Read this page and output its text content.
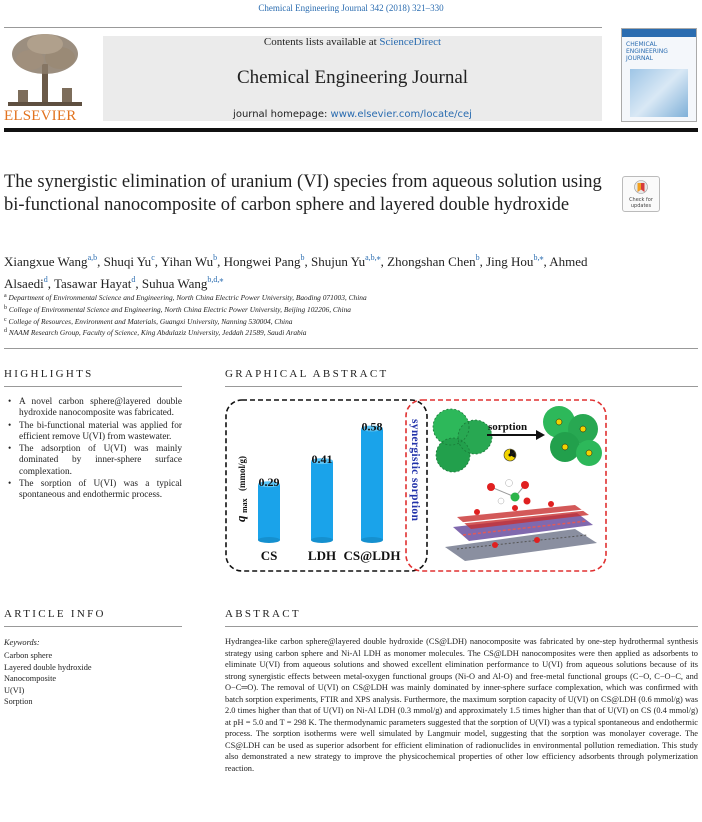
Chemical Engineering Journal 342 (2018) 321–330
ELSEVIER
Contents lists available at ScienceDirect
Chemical Engineering Journal
journal homepage: www.elsevier.com/locate/cej
CHEMICAL ENGINEERING JOURNAL
The synergistic elimination of uranium (VI) species from aqueous solution using bi-functional nanocomposite of carbon sphere and layered double hydroxide	Check for updates
Xiangxue Wang$^{a,b}$, Shuqi Yu$^c$, Yihan Wu$^b$, Hongwei Pang$^b$, Shujun $Yu^{a,b,⁎}$, Zhongshan Chen$^b$, Jing Hou$^{b,⁎}$, Ahmed Alsaedi$^d$, Tasawar Hayat$^d$, Suhua Wang$^{b,d,⁎}$
$^a$ Department of Environmental Science and Engineering, North China Electric Power University, Baoding 071003, China
$^b$ College of Environmental Science and Engineering, North China Electric Power University, Beijing 102206, China
$^c$ College of Resources, Environment and Materials, Guangxi University, Nanning 530004, China
$^d$ NAAM Research Group, Faculty of Science, King Abdulaziz University, Jeddah 21589, Saudi Arabia
HIGHLIGHTS
• A novel carbon sphere@layered double hydroxide nanocomposite was fabricated.
• The bi-functional material was applied for efficient remove U(VI) from wastewater.
• The adsorption of U(VI) was mainly dominated by inner-sphere surface complexation.
• The sorption of U(VI) was a typical spontaneous and endothermic process.
GRAPHICAL ABSTRACT
q
max
(mmol/g) 0.29
CS
0.41
LDH
0.58
CS@LDH
synergistic sorption	sorption
ARTICLE INFO
Keywords:
Carbon sphere
Layered double hydroxide
Nanocomposite
U(VI)
Sorption
ABSTRACT
Hydrangea-like carbon sphere@layered double hydroxide (CS@LDH) nanocomposite was fabricated by one-step hydrothermal synthesis strategy using carbon sphere and Ni-Al LDH as monomer molecules. The CS@LDH nanocomposites were then applied as adsorbents to eliminate U(VI) from aqueous solutions and showed excellent elimination performance to U(VI) from aqueous solutions because of its strong synergistic effects between metal-oxygen functional groups (Ni-O and Al-O) and free-metal functional groups (C−O, C−O−C, and O−C═O). The removal of U(VI) on CS@LDH was mainly dominated by inner-sphere surface complexation, which was confirmed with batch sorption experiments, FTIR and XPS analysis. Furthermore, the maximum sorption capacity of U(VI) on CS@LDH (0.6 mmol/g) was 2.0 times higher than that of U(VI) on Ni-Al LDH (0.3 mmol/g) and approximately 1.5 times higher than that of U(VI) on CS (0.4 mmol/g) at pH = 5.0 and T = 298 K. The thermodynamic parameters suggested that the sorption of U(VI) was a typical spontaneous and endothermic process. The sorption isotherms were well simulated by Langmuir model, suggesting that the sorption was monolayer coverage. The CS@LDH can be used as superior adsorbent for efficient elimination of radionuclides in environmental pollution remediation. This study also demonstrated a new strategy to improve the physicochemical properties of other low efficiency adsorbents through polymerization reaction.
